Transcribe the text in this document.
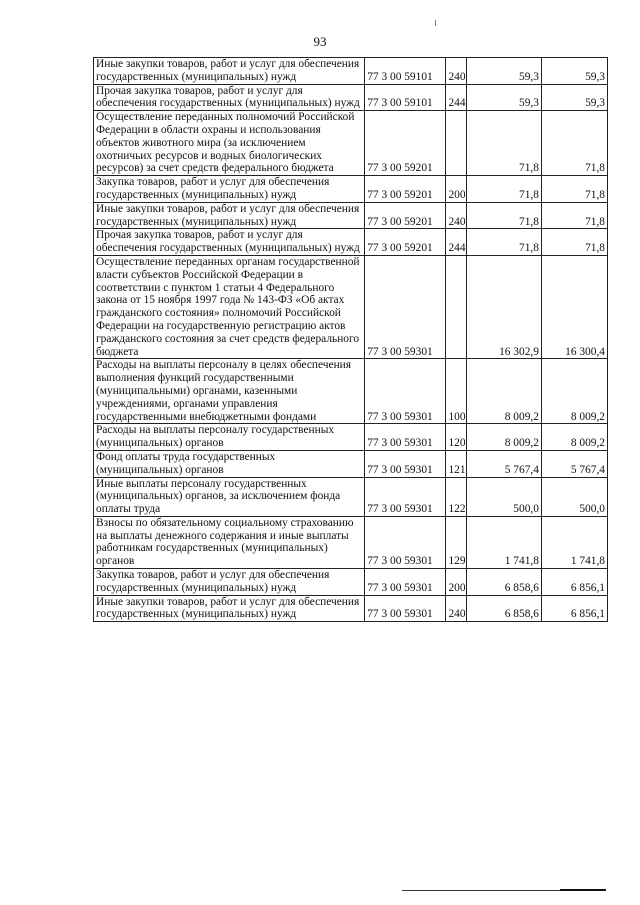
93
Иные закупки товаров, работ и услуг для обеспечения государственных (муниципальных) нужд	77 3 00 59101	240	59,3	59,3
Прочая закупка товаров, работ и услуг для обеспечения государственных (муниципальных) нужд	77 3 00 59101	244	59,3	59,3
Осуществление переданных полномочий Российской Федерации в области охраны и использования объектов животного мира (за исключением охотничьих ресурсов и водных биологических ресурсов) за счет средств федерального бюджета	77 3 00 59201		71,8	71,8
Закупка товаров, работ и услуг для обеспечения государственных (муниципальных) нужд	77 3 00 59201	200	71,8	71,8
Иные закупки товаров, работ и услуг для обеспечения государственных (муниципальных) нужд	77 3 00 59201	240	71,8	71,8
Прочая закупка товаров, работ и услуг для обеспечения государственных (муниципальных) нужд	77 3 00 59201	244	71,8	71,8
Осуществление переданных органам государственной власти субъектов Российской Федерации в соответствии с пунктом 1 статьи 4 Федерального закона от 15 ноября 1997 года № 143-ФЗ «Об актах гражданского состояния» полномочий Российской Федерации на государственную регистрацию актов гражданского состояния за счет средств федерального бюджета	77 3 00 59301		16 302,9	16 300,4
Расходы на выплаты персоналу в целях обеспечения выполнения функций государственными (муниципальными) органами, казенными учреждениями, органами управления государственными внебюджетными фондами	77 3 00 59301	100	8 009,2	8 009,2
Расходы на выплаты персоналу государственных (муниципальных) органов	77 3 00 59301	120	8 009,2	8 009,2
Фонд оплаты труда государственных (муниципальных) органов	77 3 00 59301	121	5 767,4	5 767,4
Иные выплаты персоналу государственных (муниципальных) органов, за исключением фонда оплаты труда	77 3 00 59301	122	500,0	500,0
Взносы по обязательному социальному страхованию на выплаты денежного содержания и иные выплаты работникам государственных (муниципальных) органов	77 3 00 59301	129	1 741,8	1 741,8
Закупка товаров, работ и услуг для обеспечения государственных (муниципальных) нужд	77 3 00 59301	200	6 858,6	6 856,1
Иные закупки товаров, работ и услуг для обеспечения государственных (муниципальных) нужд	77 3 00 59301	240	6 858,6	6 856,1
